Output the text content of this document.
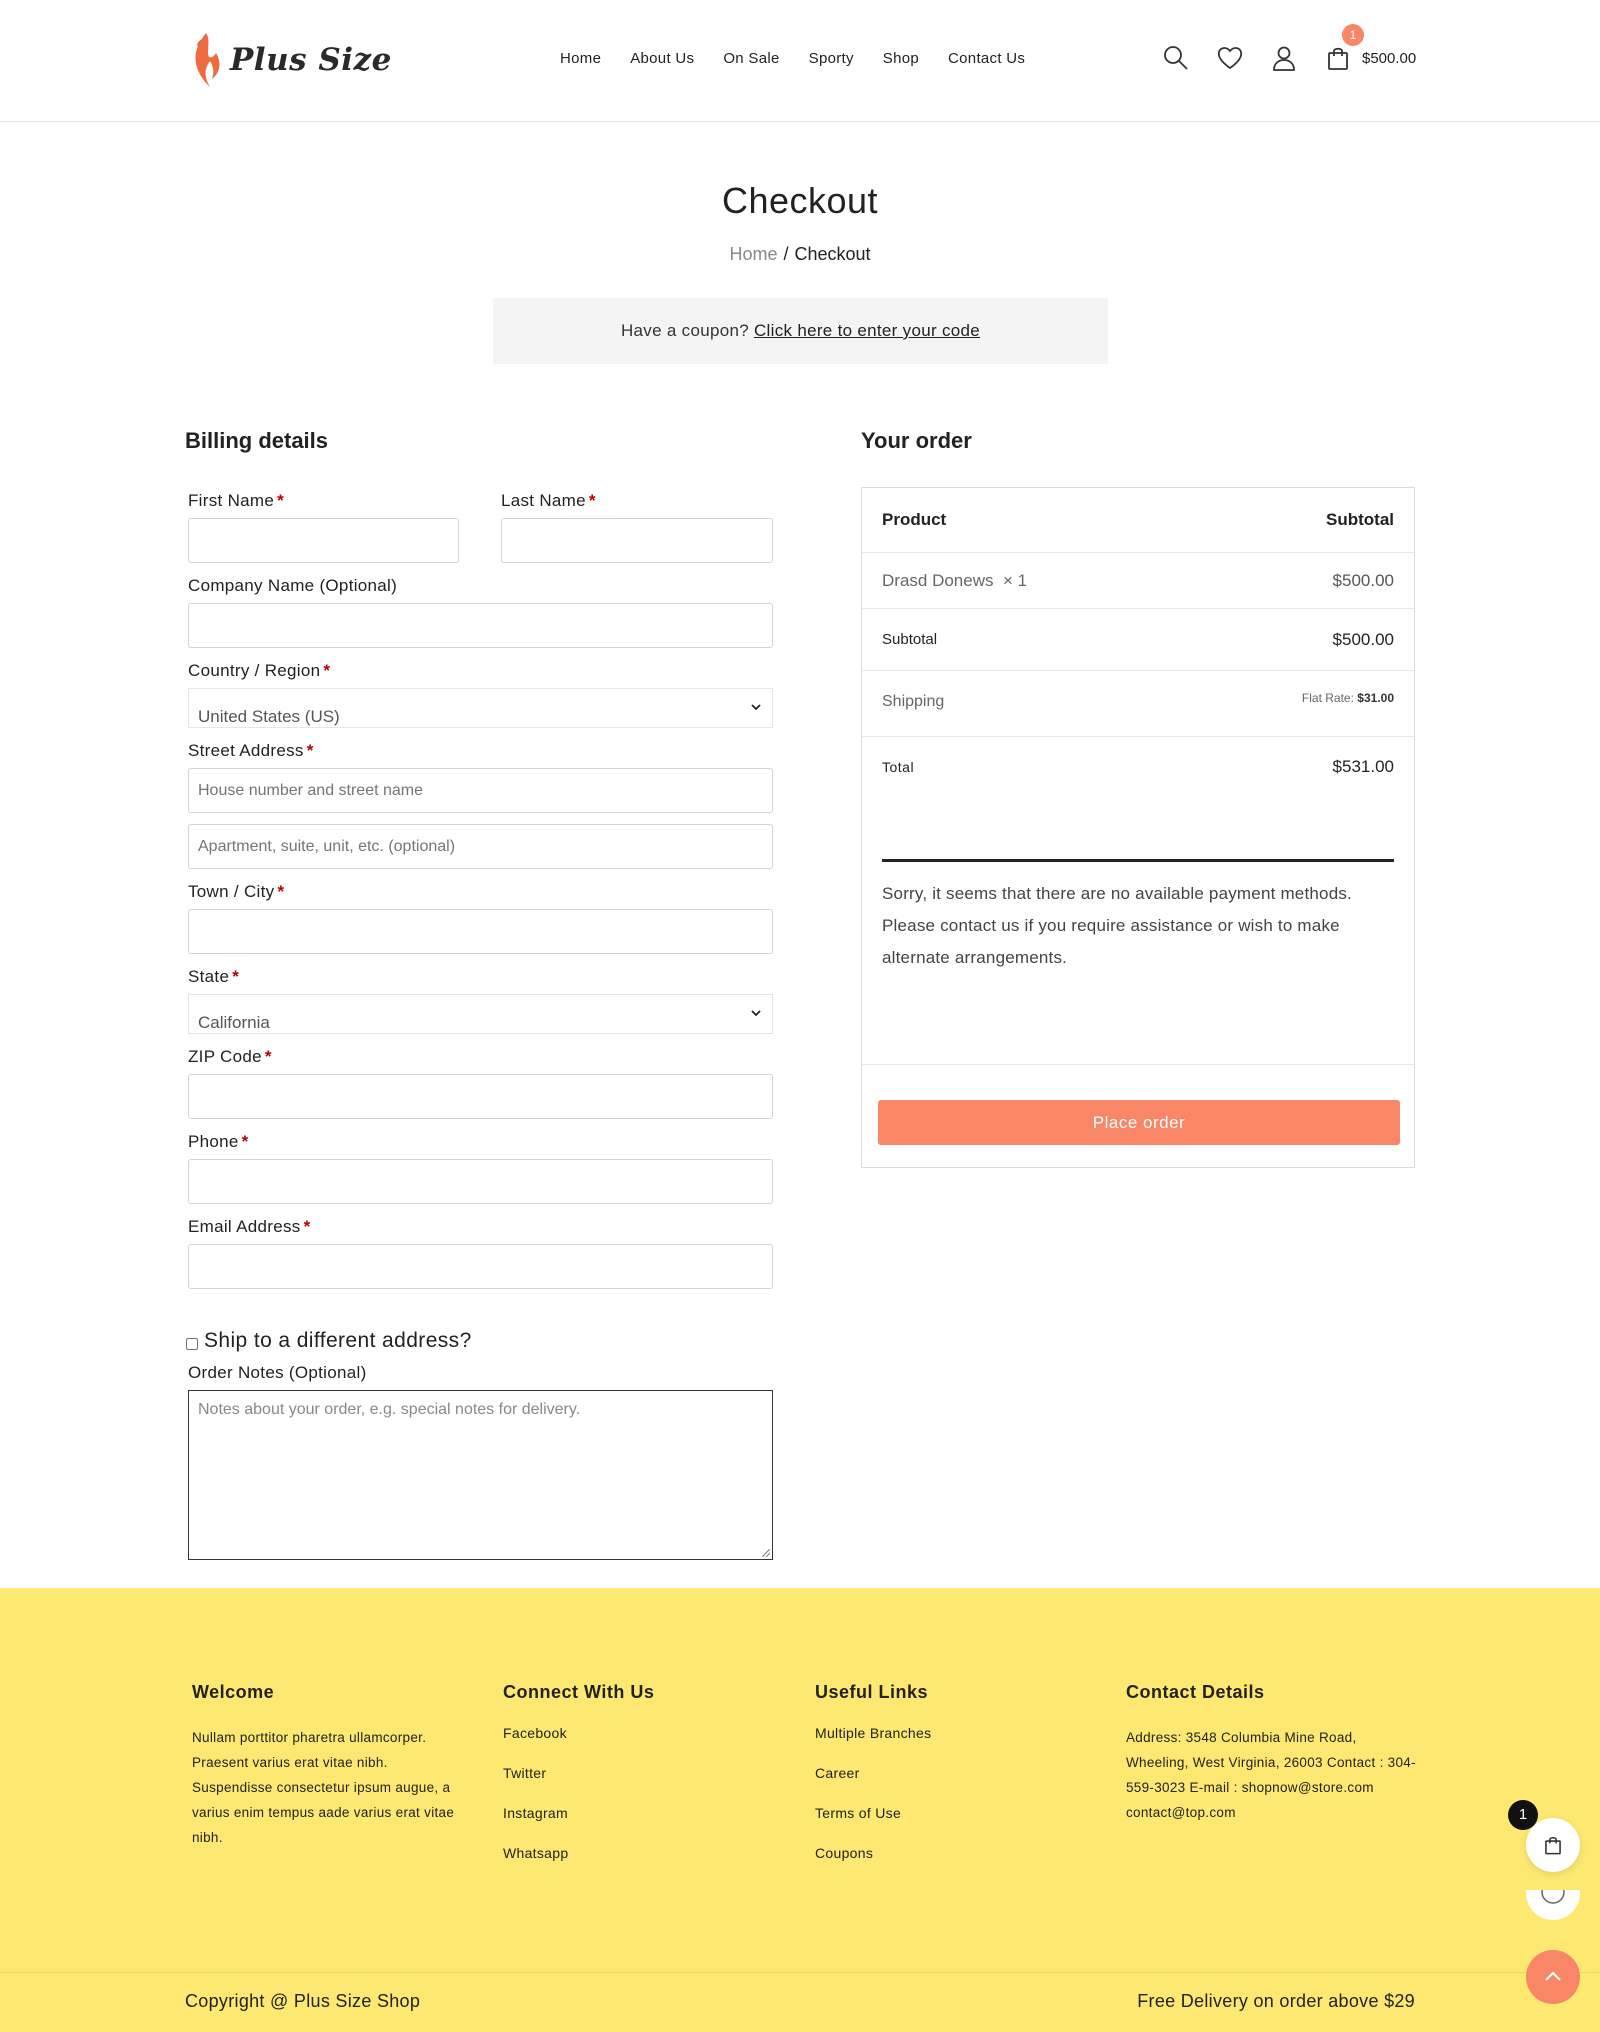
Plus Size	Home About Us On Sale Sporty Shop Contact Us
1
$500.00
Checkout
Home / Checkout
Have a coupon? Click here to enter your code
Billing details
First Name *	Last Name *
Company Name (Optional)
Country / Region *
United States (US)
Street Address *
House number and street name
Apartment, suite, unit, etc. (optional)
Town / City *
State *
California
ZIP Code *
Phone *
Email Address *
Ship to a different address?
Order Notes (Optional)
Notes about your order, e.g. special notes for delivery.
Your order
Product	Subtotal
Drasd Donews × 1	$500.00
Subtotal	$500.00
Shipping	Flat Rate: $31.00
Total	$531.00
Sorry, it seems that there are no available payment methods. Please contact us if you require assistance or wish to make alternate arrangements.
Place order
Welcome
Nullam porttitor pharetra ullamcorper. Praesent varius erat vitae nibh. Suspendisse consectetur ipsum augue, a varius enim tempus aade varius erat vitae nibh.
Connect With Us
Facebook
Twitter
Instagram
Whatsapp
Useful Links
Multiple Branches
Career
Terms of Use
Coupons
Contact Details
Address: 3548 Columbia Mine Road, Wheeling, West Virginia, 26003 Contact : 304-559-3023 E-mail : shopnow@store.com contact@top.com
Copyright @ Plus Size Shop	Free Delivery on order above $29
1
